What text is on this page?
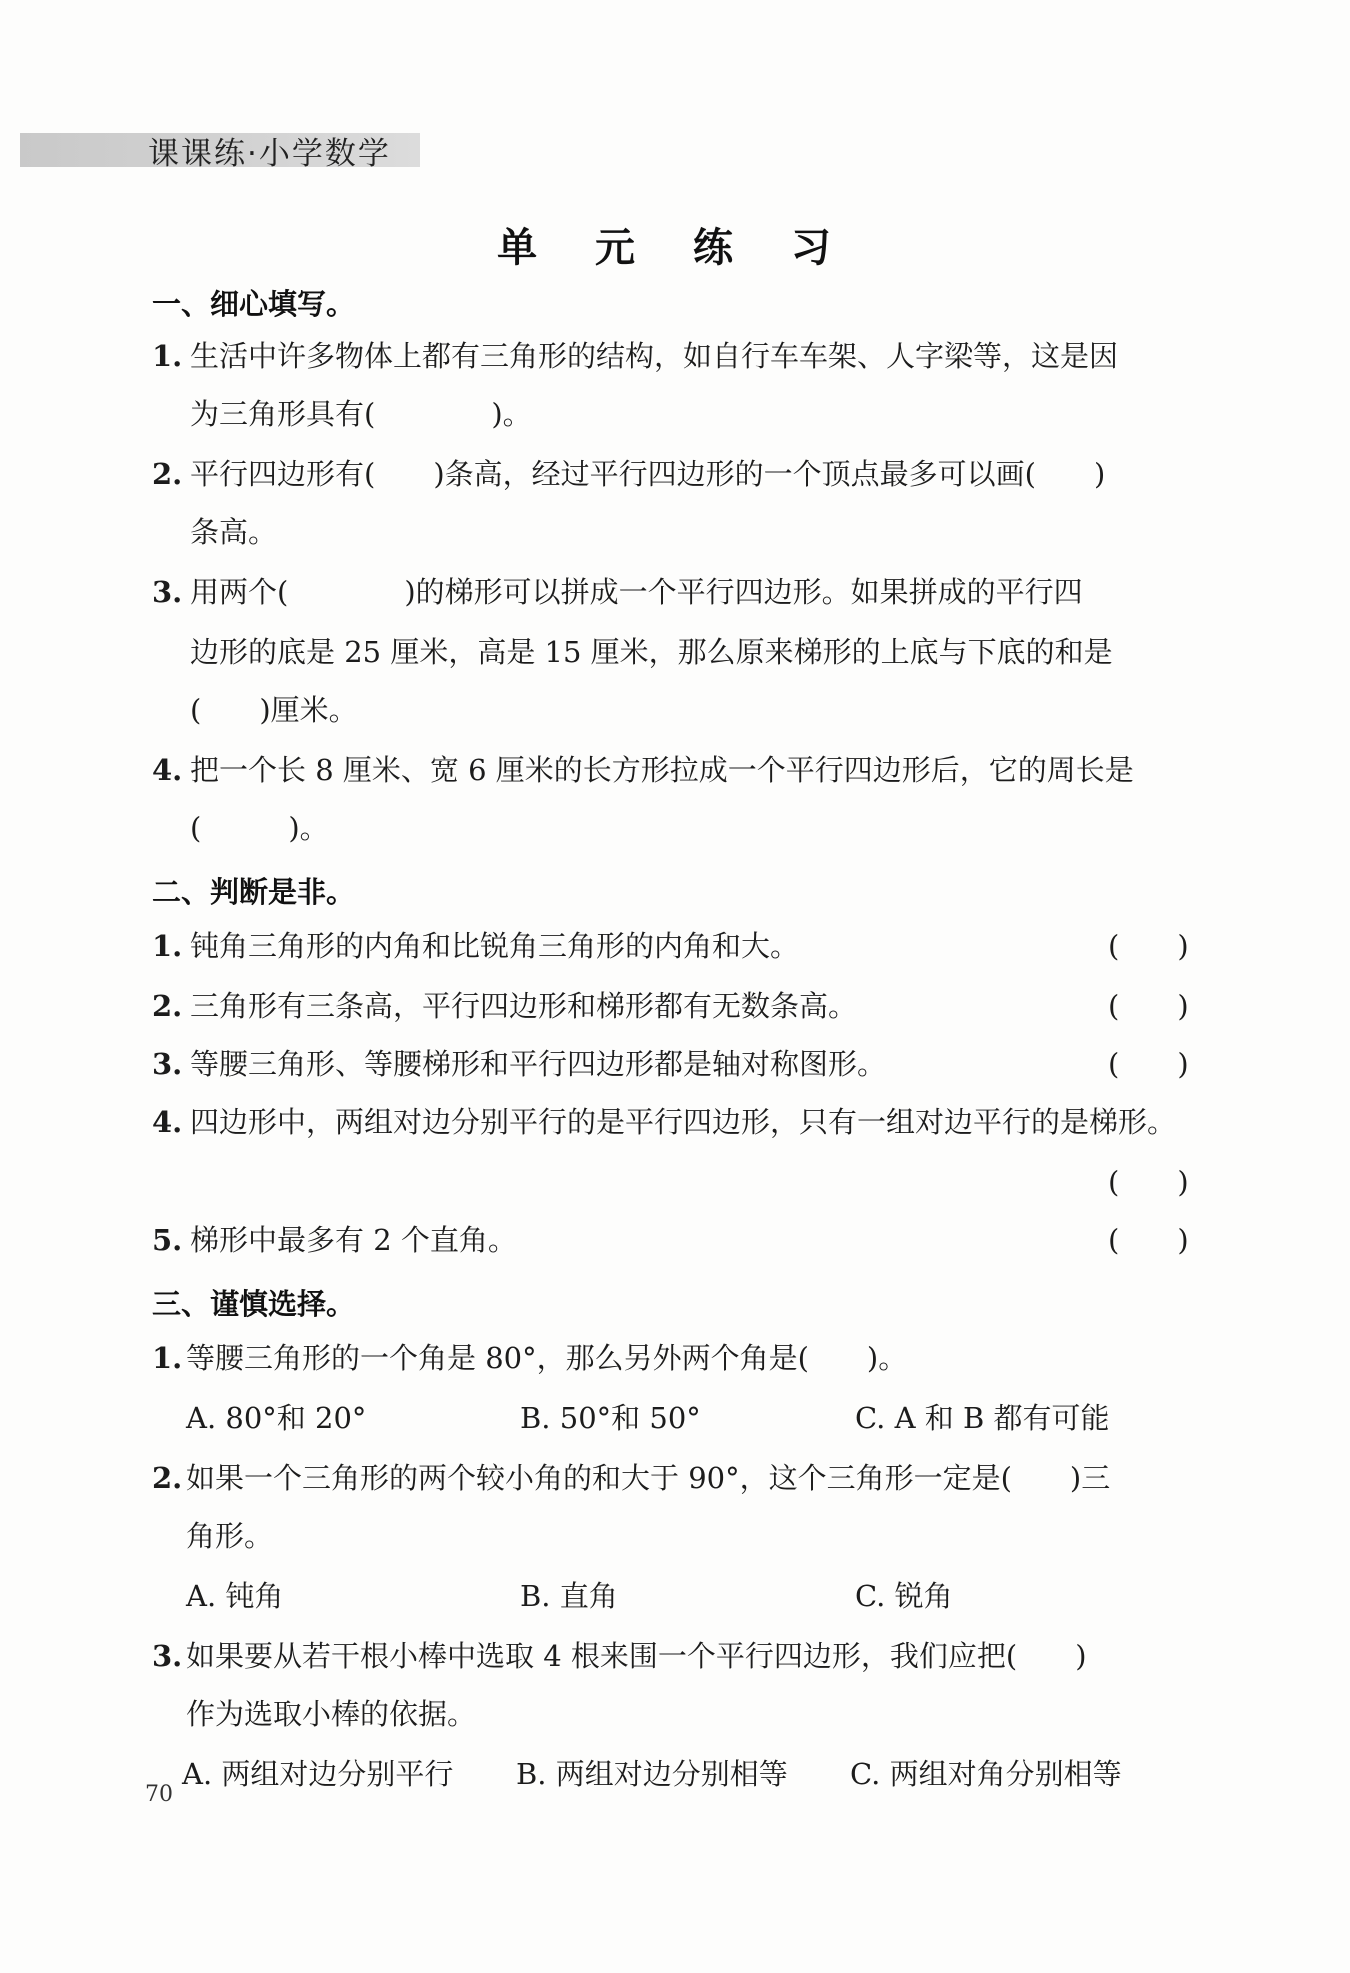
课课练·小学数学
单 元 练 习
一、细心填写。
1. 生活中许多物体上都有三角形的结构，如自行车车架、人字梁等，这是因
为三角形具有(　　　　)。
2. 平行四边形有(　　)条高，经过平行四边形的一个顶点最多可以画(　　)
条高。
3. 用两个(　　　　)的梯形可以拼成一个平行四边形。如果拼成的平行四
边形的底是 25 厘米，高是 15 厘米，那么原来梯形的上底与下底的和是
(　　)厘米。
4. 把一个长 8 厘米、宽 6 厘米的长方形拉成一个平行四边形后，它的周长是
(　　　)。
二、判断是非。
1. 钝角三角形的内角和比锐角三角形的内角和大。	(　　)
2. 三角形有三条高，平行四边形和梯形都有无数条高。	(　　)
3. 等腰三角形、等腰梯形和平行四边形都是轴对称图形。	(　　)
4. 四边形中，两组对边分别平行的是平行四边形，只有一组对边平行的是梯形。
(　　)
5. 梯形中最多有 2 个直角。	(　　)
三、谨慎选择。
1. 等腰三角形的一个角是 80°，那么另外两个角是(　　)。
A. 80°和 20°	B. 50°和 50°	C. A 和 B 都有可能
2. 如果一个三角形的两个较小角的和大于 90°，这个三角形一定是(　　)三
角形。
A. 钝角	B. 直角	C. 锐角
3. 如果要从若干根小棒中选取 4 根来围一个平行四边形，我们应把(　　)
作为选取小棒的依据。
A. 两组对边分别平行 B. 两组对边分别相等 C. 两组对角分别相等
70
